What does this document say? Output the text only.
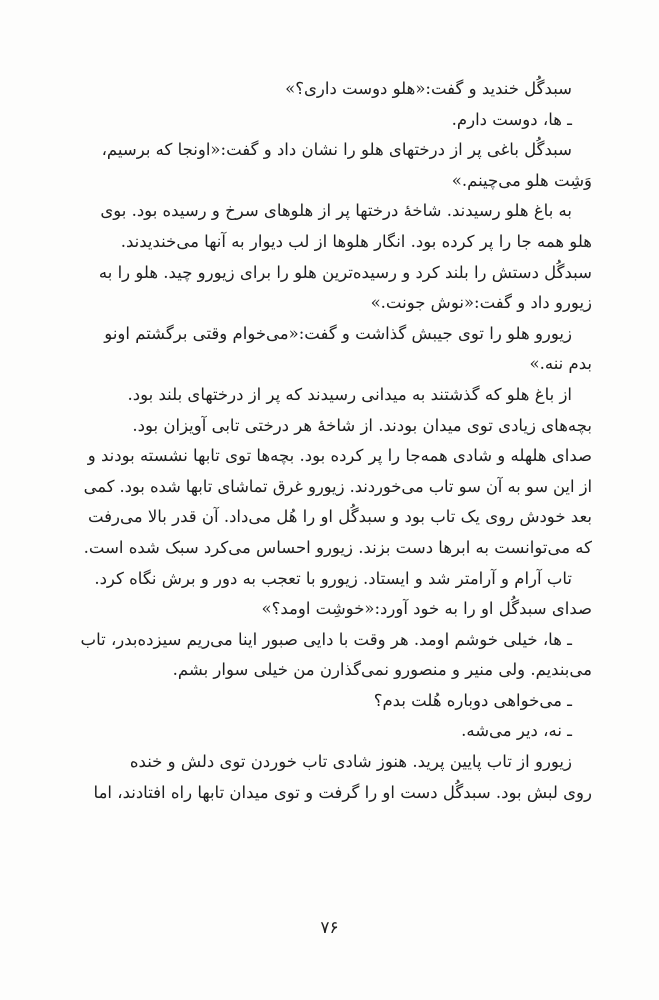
سبدگُل خندید و گفت:«هلو دوست داری؟»
ـ ها، دوست دارم.
سبدگُل باغی پر از درختهای هلو را نشان داد و گفت:«اونجا که برسیم،
وَشِت هلو می‌چینم.»
به باغ هلو رسیدند. شاخهٔ درختها پر از هلوهای سرخ و رسیده بود. بوی
هلو همه جا را پر کرده بود. انگار هلوها از لب دیوار به آنها می‌خندیدند.
سبدگُل دستش را بلند کرد و رسیده‌ترین هلو را برای زیورو چید. هلو را به
زیورو داد و گفت:«نوش جونت.»
زیورو هلو را توی جیبش گذاشت و گفت:«می‌خوام وقتی برگشتم اونو
بدم ننه.»
از باغ هلو که گذشتند به میدانی رسیدند که پر از درختهای بلند بود.
بچه‌های زیادی توی میدان بودند. از شاخهٔ هر درختی تابی آویزان بود.
صدای هلهله و شادی همه‌جا را پر کرده بود. بچه‌ها توی تابها نشسته بودند و
از این سو به آن سو تاب می‌خوردند. زیورو غرق تماشای تابها شده بود. کمی
بعد خودش روی یک تاب بود و سبدگُل او را هُل می‌داد. آن قدر بالا می‌رفت
که می‌توانست به ابرها دست بزند. زیورو احساس می‌کرد سبک شده است.
تاب آرام و آرامتر شد و ایستاد. زیورو با تعجب به دور و برش نگاه کرد.
صدای سبدگُل او را به خود آورد:«خوشِت اومد؟»
ـ ها، خیلی خوشم اومد. هر وقت با دایی صبور اینا می‌ریم سیزده‌بدر، تاب
می‌بندیم. ولی منیر و منصورو نمی‌گذارن من خیلی سوار بشم.
ـ می‌خواهی دوباره هُلت بدم؟
ـ نه، دیر می‌شه.
زیورو از تاب پایین پرید. هنوز شادی تاب خوردن توی دلش و خنده
روی لبش بود. سبدگُل دست او را گرفت و توی میدان تابها راه افتادند، اما
۷۶
